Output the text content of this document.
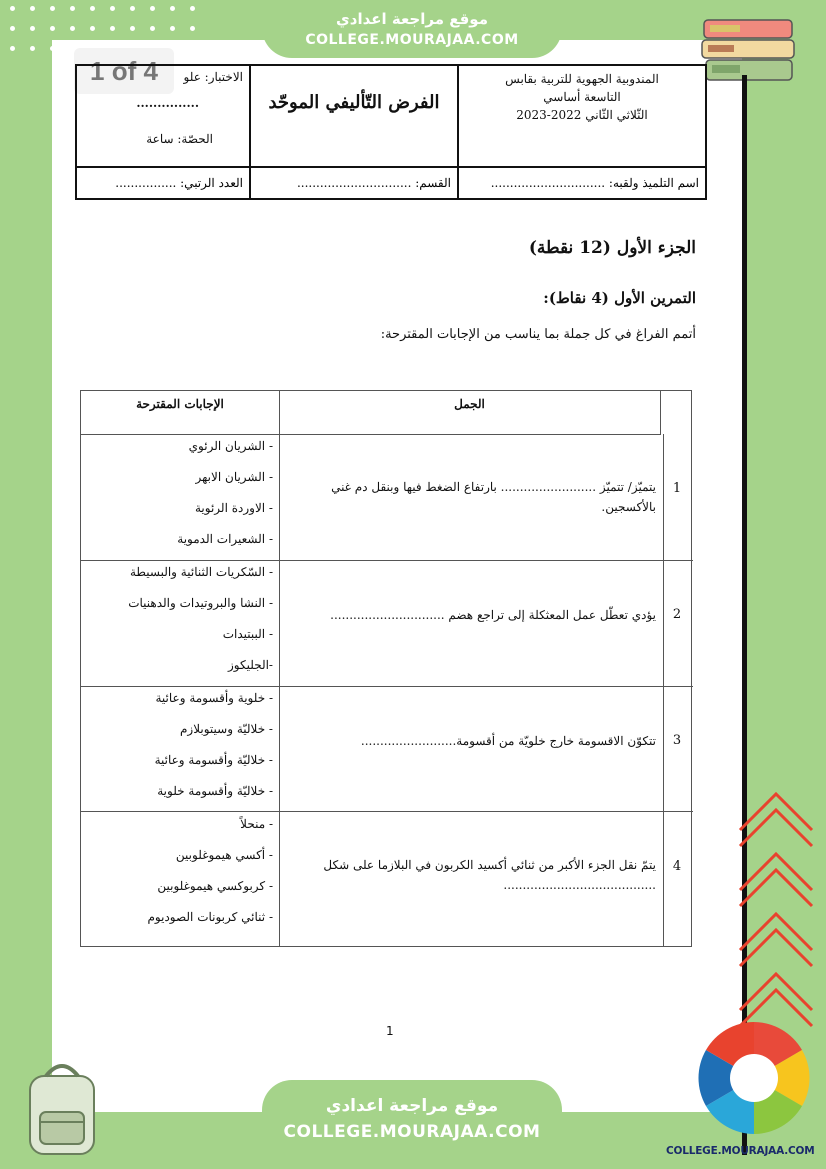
موقع مراجعة اعدادي
COLLEGE.MOURAJAA.COM
1 of 4	المندوبية الجهوية للتربية بقابس
التاسعة أساسي
الثّلاثي الثّاني 2022-2023
الفرض التّأليفي الموحّد
الاختبار: علو
...............
الحصّة: ساعة
اسم التلميذ ولقبه: ..............................
القسم: ..............................
العدد الرتبي: ................
الجزء الأول (12 نقطة)
التمرين الأول (4 نقاط):
أتمم الفراغ في كل جملة بما يناسب من الإجابات المقترحة:
الجمل
الإجابات المقترحة
1
يتميّز/ تتميّز ......................... بارتفاع الضغط فيها وبنقل دم غني بالأكسجين.
- الشريان الرئوي
- الشريان الابهر
- الاوردة الرئوية
- الشعيرات الدموية
2
يؤدي تعطّل عمل المعثكلة إلى تراجع هضم ..............................
- السّكريات الثنائية والبسيطة
- النشا والبروتيدات والدهنيات
- الببتيدات
-الجليكوز
3
تتكوّن الاقسومة خارج خلويّة من أقسومة.........................
- خلوية وأقسومة وعائية
- خلاليّة وسيتوبلازم
- خلاليّة وأقسومة وعائية
- خلاليّة وأقسومة خلوية
4
يتمّ نقل الجزء الأكبر من ثنائي أكسيد الكربون في البلازما على شكل ........................................
- منحلاً
- أكسي هيموغلوبين
- كربوكسي هيموغلوبين
- ثنائي كربونات الصوديوم
1
COLLEGE.MOURAJAA.COM
موقع مراجعة اعدادي
COLLEGE.MOURAJAA.COM
